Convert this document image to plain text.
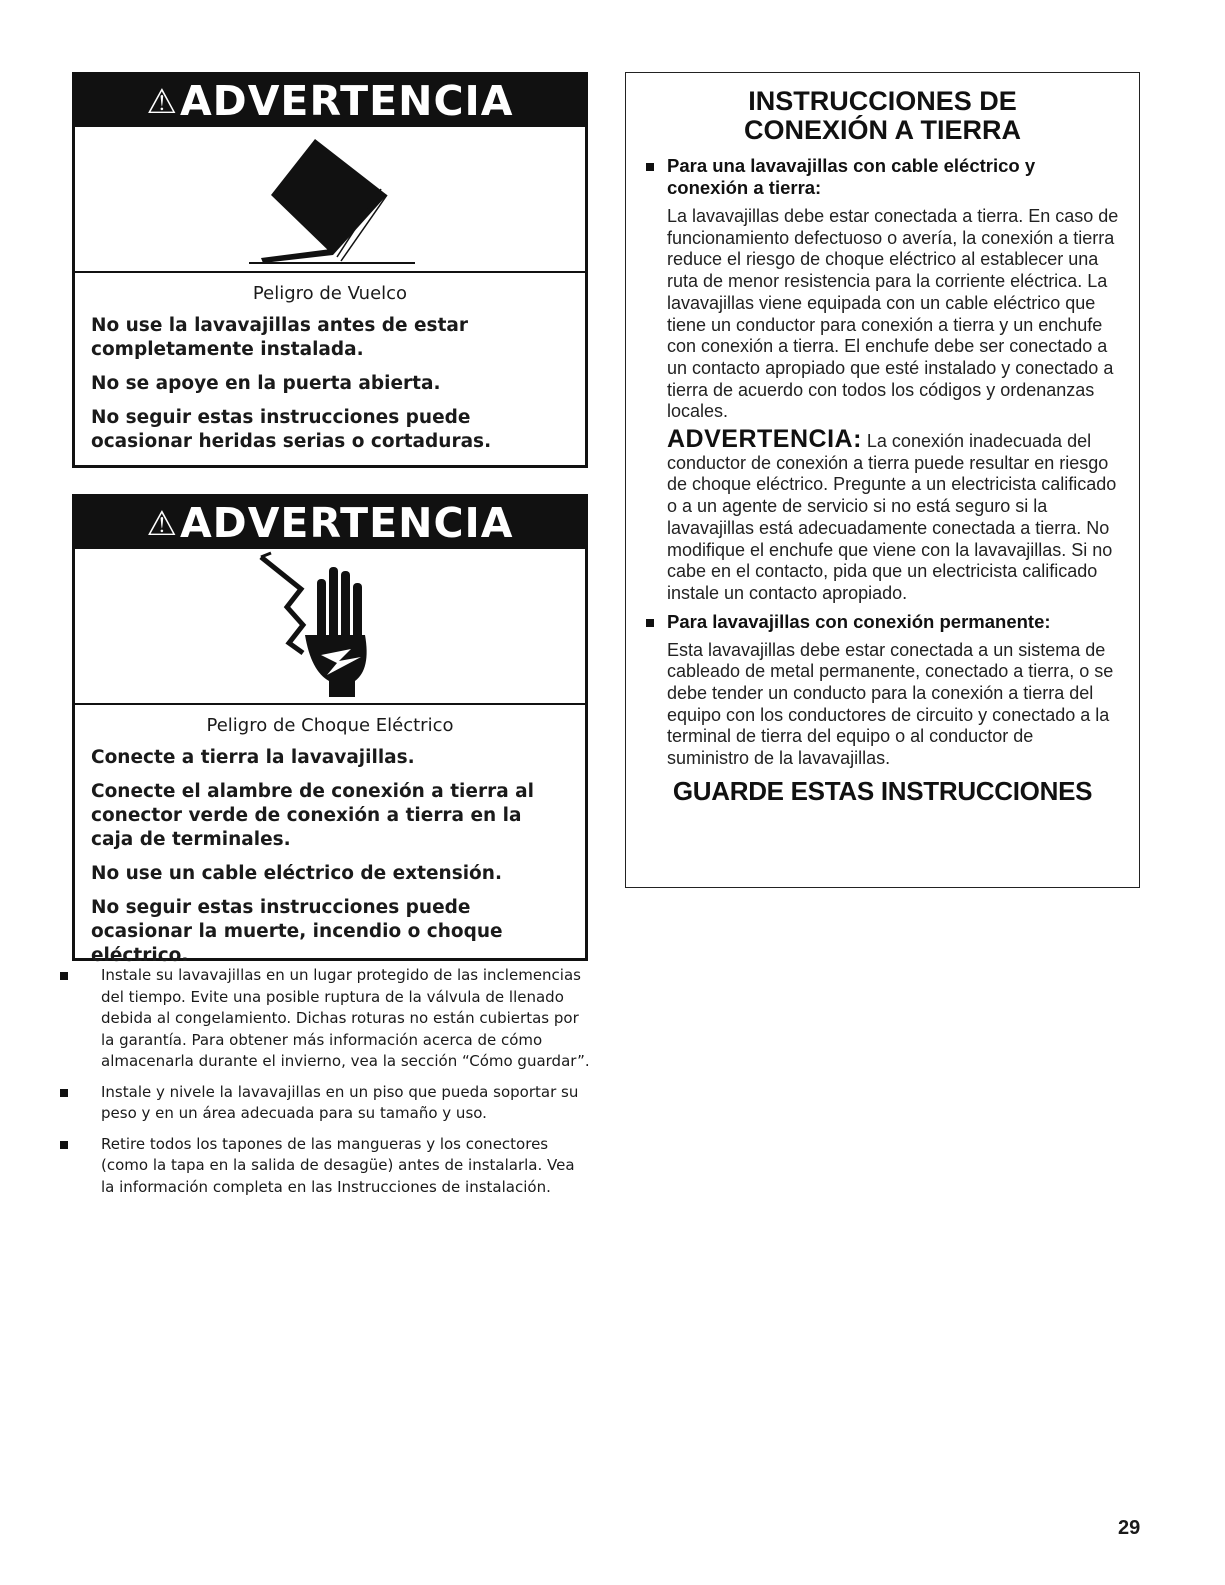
⚠ADVERTENCIA
Peligro de Vuelco
No use la lavavajillas antes de estar completamente instalada.
No se apoye en la puerta abierta.
No seguir estas instrucciones puede ocasionar heridas serias o cortaduras.
⚠ADVERTENCIA
Peligro de Choque Eléctrico
Conecte a tierra la lavavajillas.
Conecte el alambre de conexión a tierra al conector verde de conexión a tierra en la caja de terminales.
No use un cable eléctrico de extensión.
No seguir estas instrucciones puede ocasionar la muerte, incendio o choque eléctrico.
Instale su lavavajillas en un lugar protegido de las inclemencias del tiempo. Evite una posible ruptura de la válvula de llenado debida al congelamiento. Dichas roturas no están cubiertas por la garantía. Para obtener más información acerca de cómo almacenarla durante el invierno, vea la sección “Cómo guardar”.
Instale y nivele la lavavajillas en un piso que pueda soportar su peso y en un área adecuada para su tamaño y uso.
Retire todos los tapones de las mangueras y los conectores (como la tapa en la salida de desagüe) antes de instalarla. Vea la información completa en las Instrucciones de instalación.
INSTRUCCIONES DE
CONEXIÓN A TIERRA
Para una lavavajillas con cable eléctrico y conexión a tierra:
La lavavajillas debe estar conectada a tierra. En caso de funcionamiento defectuoso o avería, la conexión a tierra reduce el riesgo de choque eléctrico al establecer una ruta de menor resistencia para la corriente eléctrica. La lavavajillas viene equipada con un cable eléctrico que tiene un conductor para conexión a tierra y un enchufe con conexión a tierra. El enchufe debe ser conectado a un contacto apropiado que esté instalado y conectado a tierra de acuerdo con todos los códigos y ordenanzas locales.
ADVERTENCIA: La conexión inadecuada del conductor de conexión a tierra puede resultar en riesgo de choque eléctrico. Pregunte a un electricista calificado o a un agente de servicio si no está seguro si la lavavajillas está adecuadamente conectada a tierra. No modifique el enchufe que viene con la lavavajillas. Si no cabe en el contacto, pida que un electricista calificado instale un contacto apropiado.
Para lavavajillas con conexión permanente:
Esta lavavajillas debe estar conectada a un sistema de cableado de metal permanente, conectado a tierra, o se debe tender un conducto para la conexión a tierra del equipo con los conductores de circuito y conectado a la terminal de tierra del equipo o al conductor de suministro de la lavavajillas.
GUARDE ESTAS INSTRUCCIONES
29
